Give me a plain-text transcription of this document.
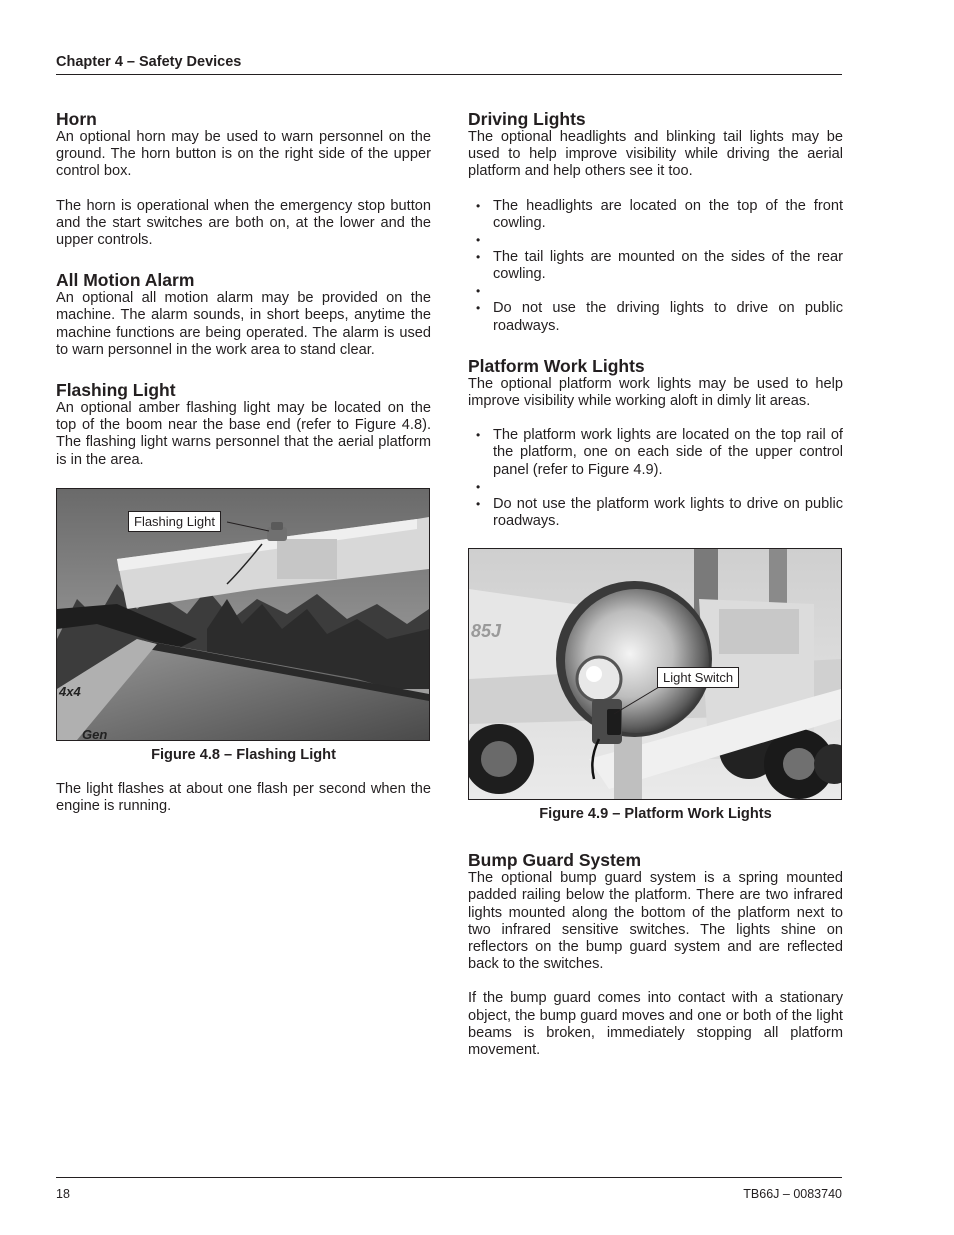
Chapter 4 – Safety Devices
Horn

An optional horn may be used to warn personnel on the ground. The horn button is on the right side of the upper control box.

The horn is operational when the emergency stop button and the start switches are both on, at the lower and the upper controls.

All Motion Alarm

An optional all motion alarm may be provided on the machine. The alarm sounds, in short beeps, anytime the machine functions are being operated. The alarm is used to warn personnel in the work area to stand clear.

Flashing Light

An optional amber flashing light may be located on the top of the boom near the base end (refer to Figure 4.8). The flashing light warns personnel that the aerial platform is in the area.

4x4
Gen
Flashing Light
Figure 4.8 – Flashing Light

The light flashes at about one flash per second when the engine is running.

Driving Lights

The optional headlights and blinking tail lights may be used to help improve visibility while driving the aerial platform and help others see it too.

• The headlights are located on the top of the front cowling.
•
• The tail lights are mounted on the sides of the rear cowling.
•
• Do not use the driving lights to drive on public roadways.
Platform Work Lights

The optional platform work lights may be used to help improve visibility while working aloft in dimly lit areas.

• The platform work lights are located on the top rail of the platform, one on each side of the upper control panel (refer to Figure 4.9).
•
• Do not use the platform work lights to drive on public roadways.
85J
Light Switch
Figure 4.9 – Platform Work Lights
Bump Guard System

The optional bump guard system is a spring mounted padded railing below the platform. There are two infrared lights mounted along the bottom of the platform next to two infrared sensitive switches. The lights shine on reflectors on the bump guard system and are reflected back to the switches.

If the bump guard comes into contact with a stationary object, the bump guard moves and one or both of the light beams is broken, immediately stopping all platform movement.

18	TB66J – 0083740
